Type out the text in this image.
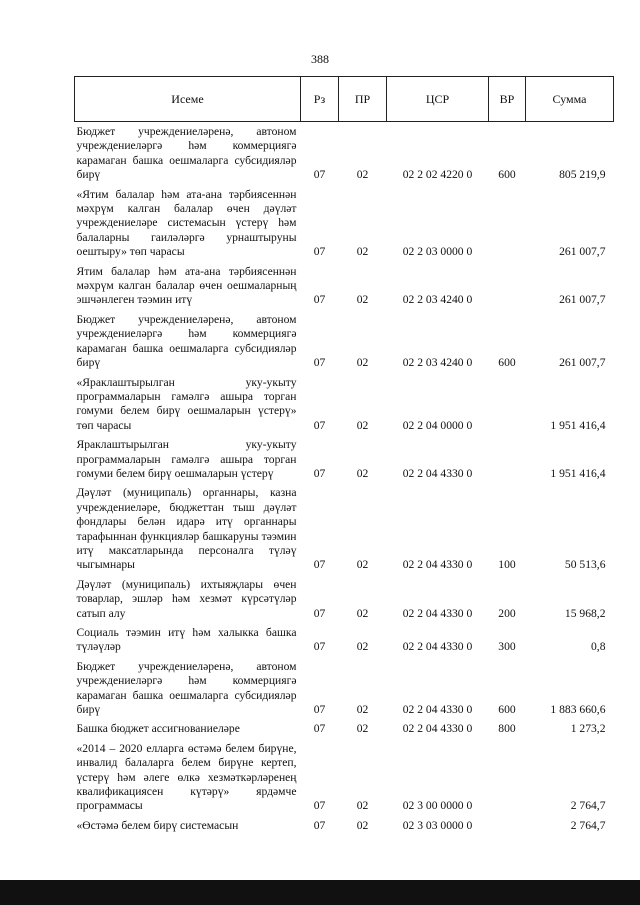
388
Исеме	Рз	ПР	ЦСР	ВР	Сумма
Бюджет учреждениеләренә, автоном учреждениеләргә һәм коммерциягә карамаган башка оешмаларга субсидияләр бирү	07	02	02 2 02 4220 0	600	805 219,9
«Ятим балалар һәм ата-ана тәрбиясеннән мәхрүм калган балалар өчен дәүләт учреждениеләре системасын үстерү һәм балаларны гаиләләргә урнаштыруны оештыру» төп чарасы	07	02	02 2 03 0000 0		261 007,7
Ятим балалар һәм ата-ана тәрбиясеннән мәхрүм калган балалар өчен оешмаларның эшчәнлеген тәэмин итү	07	02	02 2 03 4240 0		261 007,7
Бюджет учреждениеләренә, автоном учреждениеләргә һәм коммерциягә карамаган башка оешмаларга субсидияләр бирү	07	02	02 2 03 4240 0	600	261 007,7
«Яраклаштырылган уку-укыту программаларын гамәлгә ашыра торган гомуми белем бирү оешмаларын үстерү» төп чарасы	07	02	02 2 04 0000 0		1 951 416,4
Яраклаштырылган уку-укыту программаларын гамәлгә ашыра торган гомуми белем бирү оешмаларын үстерү	07	02	02 2 04 4330 0		1 951 416,4
Дәүләт (муниципаль) органнары, казна учреждениеләре, бюджеттан тыш дәүләт фондлары белән идарә итү органнары тарафыннан функцияләр башкаруны тәэмин итү максатларында персоналга түләү чыгымнары	07	02	02 2 04 4330 0	100	50 513,6
Дәүләт (муниципаль) ихтыяҗлары өчен товарлар, эшләр һәм хезмәт күрсәтүләр сатып алу	07	02	02 2 04 4330 0	200	15 968,2
Социаль тәэмин итү һәм халыкка башка түләүләр	07	02	02 2 04 4330 0	300	0,8
Бюджет учреждениеләренә, автоном учреждениеләргә һәм коммерциягә карамаган башка оешмаларга субсидияләр бирү	07	02	02 2 04 4330 0	600	1 883 660,6
Башка бюджет ассигнованиеләре	07	02	02 2 04 4330 0	800	1 273,2
«2014 – 2020 елларга өстәмә белем бирүне, инвалид балаларга белем бирүне кертеп, үстерү һәм әлеге өлкә хезмәткәрләренең квалификациясен күтәрү» ярдәмче программасы	07	02	02 3 00 0000 0		2 764,7
«Өстәмә белем бирү системасын	07	02	02 3 03 0000 0		2 764,7
